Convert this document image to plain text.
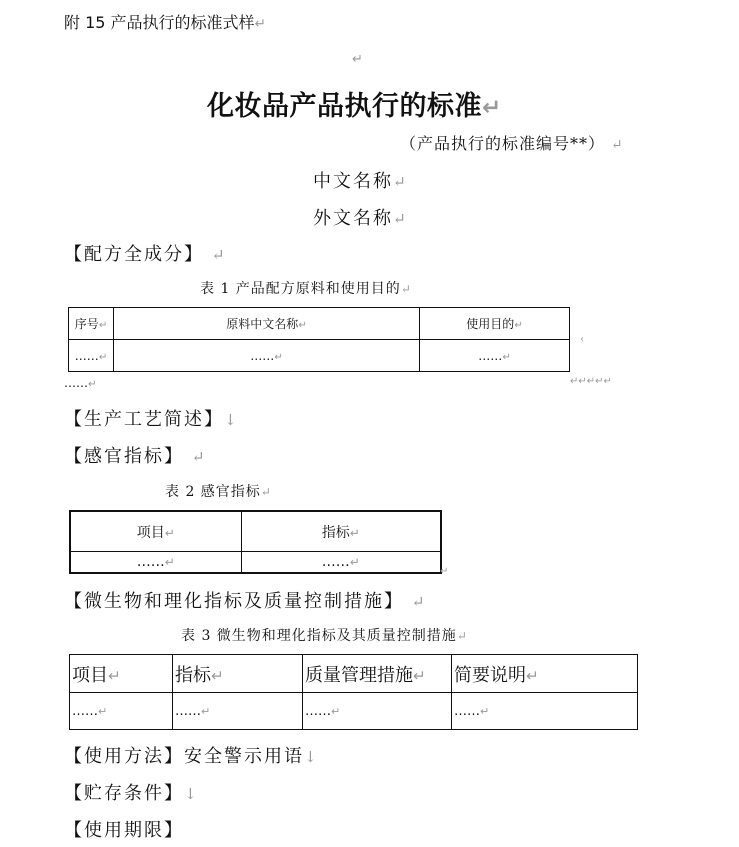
附 15 产品执行的标准式样↵
↵
化妆品产品执行的标准↵
（产品执行的标准编号**） ↵
中文名称↵
外文名称↵
【配方全成分】 ↵
表 1 产品配方原料和使用目的↵
序号↵	原料中文名称↵	使用目的↵
……↵	……↵	……↵
‹
……↵	↵↵↵↵↵
【生产工艺简述】↓
【感官指标】 ↵
表 2 感官指标↵
项目↵	指标↵
……↵	……↵
↵
【微生物和理化指标及质量控制措施】 ↵
表 3 微生物和理化指标及其质量控制措施↵
项目↵	指标↵	质量管理措施↵	简要说明↵
……↵	……↵	……↵	……↵
【使用方法】安全警示用语↓
【贮存条件】↓
【使用期限】
